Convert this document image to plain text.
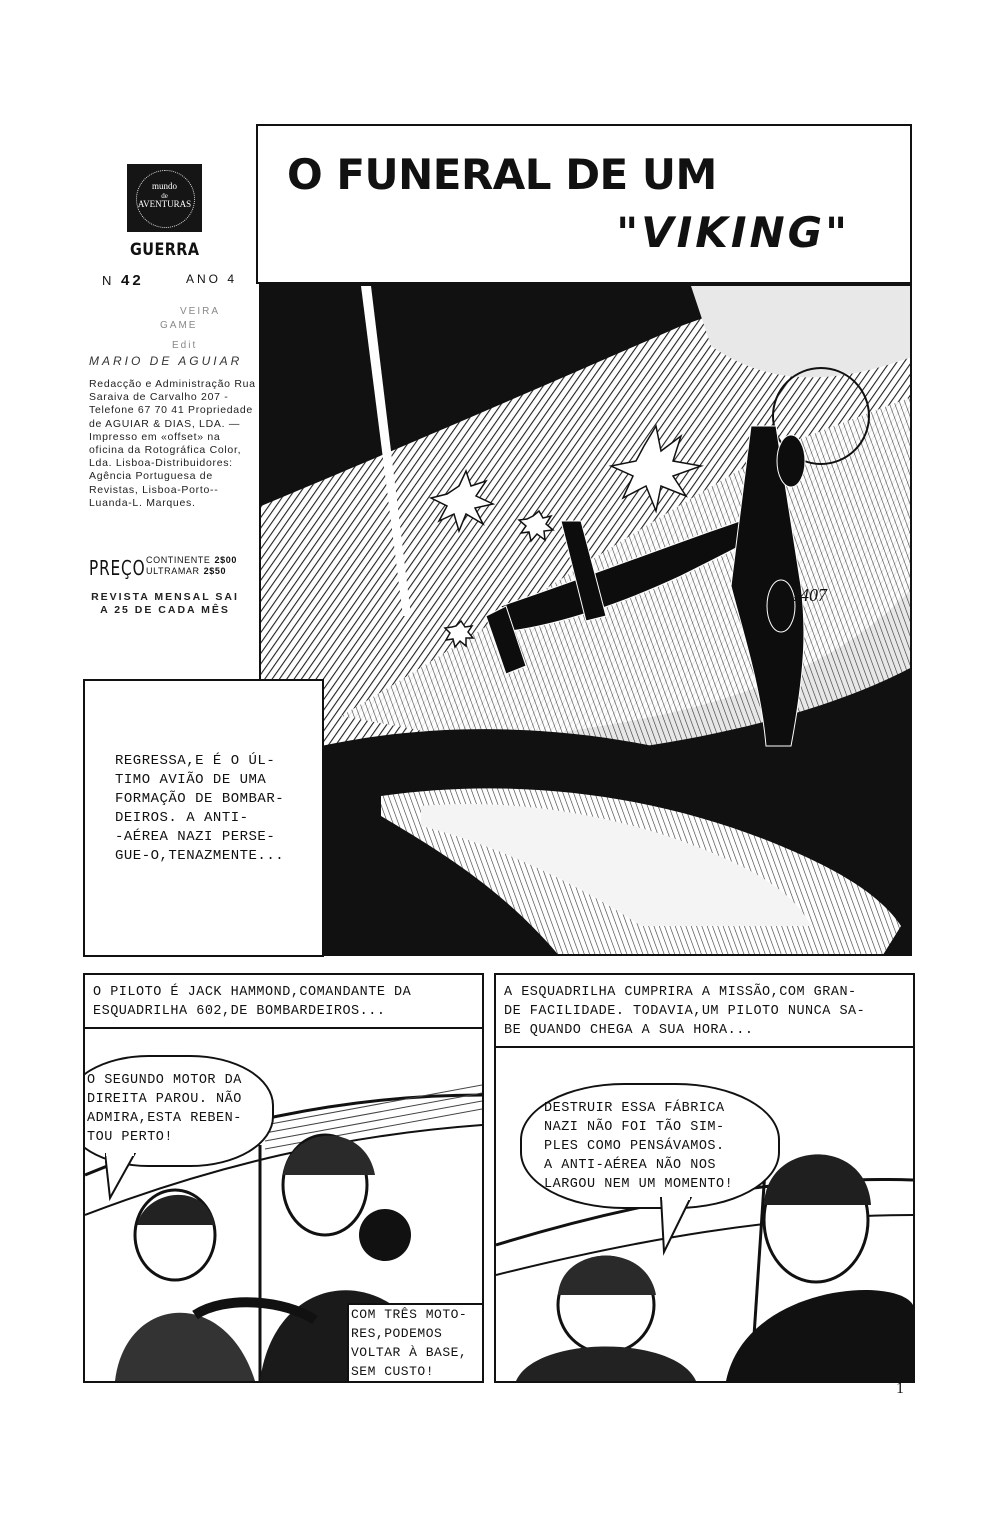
mundo
de
AVENTURAS
GUERRA
N 42	ANO 4
VEIRA
GAME
Edit
MARIO DE AGUIAR
Redacção e Administração Rua Saraiva de Carvalho 207 - Telefone 67 70 41 Propriedade de AGUIAR & DIAS, LDA. — Impresso em «offset» na oficina da Rotográfica Color, Lda. Lisboa-Distribuidores: Agência Portuguesa de Revistas, Lisboa-Porto--Luanda-L. Marques.
PREÇO CONTINENTE 2$00
ULTRAMAR 2$50
REVISTA MENSAL SAI A 25 DE CADA MÊS
O FUNERAL DE UM
"VIKING"
2407
REGRESSA,E É O ÚL-
TIMO AVIÃO DE UMA
FORMAÇÃO DE BOMBAR-
DEIROS. A ANTI-
-AÉREA NAZI PERSE-
GUE-O,TENAZMENTE...
O PILOTO É JACK HAMMOND,COMANDANTE DA
ESQUADRILHA 602,DE BOMBARDEIROS...
O SEGUNDO MOTOR DA
DIREITA PAROU. NÃO
ADMIRA,ESTA REBEN-
TOU PERTO!
COM TRÊS MOTO-
RES,PODEMOS
VOLTAR À BASE,
SEM CUSTO!
A ESQUADRILHA CUMPRIRA A MISSÃO,COM GRAN-
DE FACILIDADE. TODAVIA,UM PILOTO NUNCA SA-
BE QUANDO CHEGA A SUA HORA...
DESTRUIR ESSA FÁBRICA
NAZI NÃO FOI TÃO SIM-
PLES COMO PENSÁVAMOS.
A ANTI-AÉREA NÃO NOS
LARGOU NEM UM MOMENTO!
1
